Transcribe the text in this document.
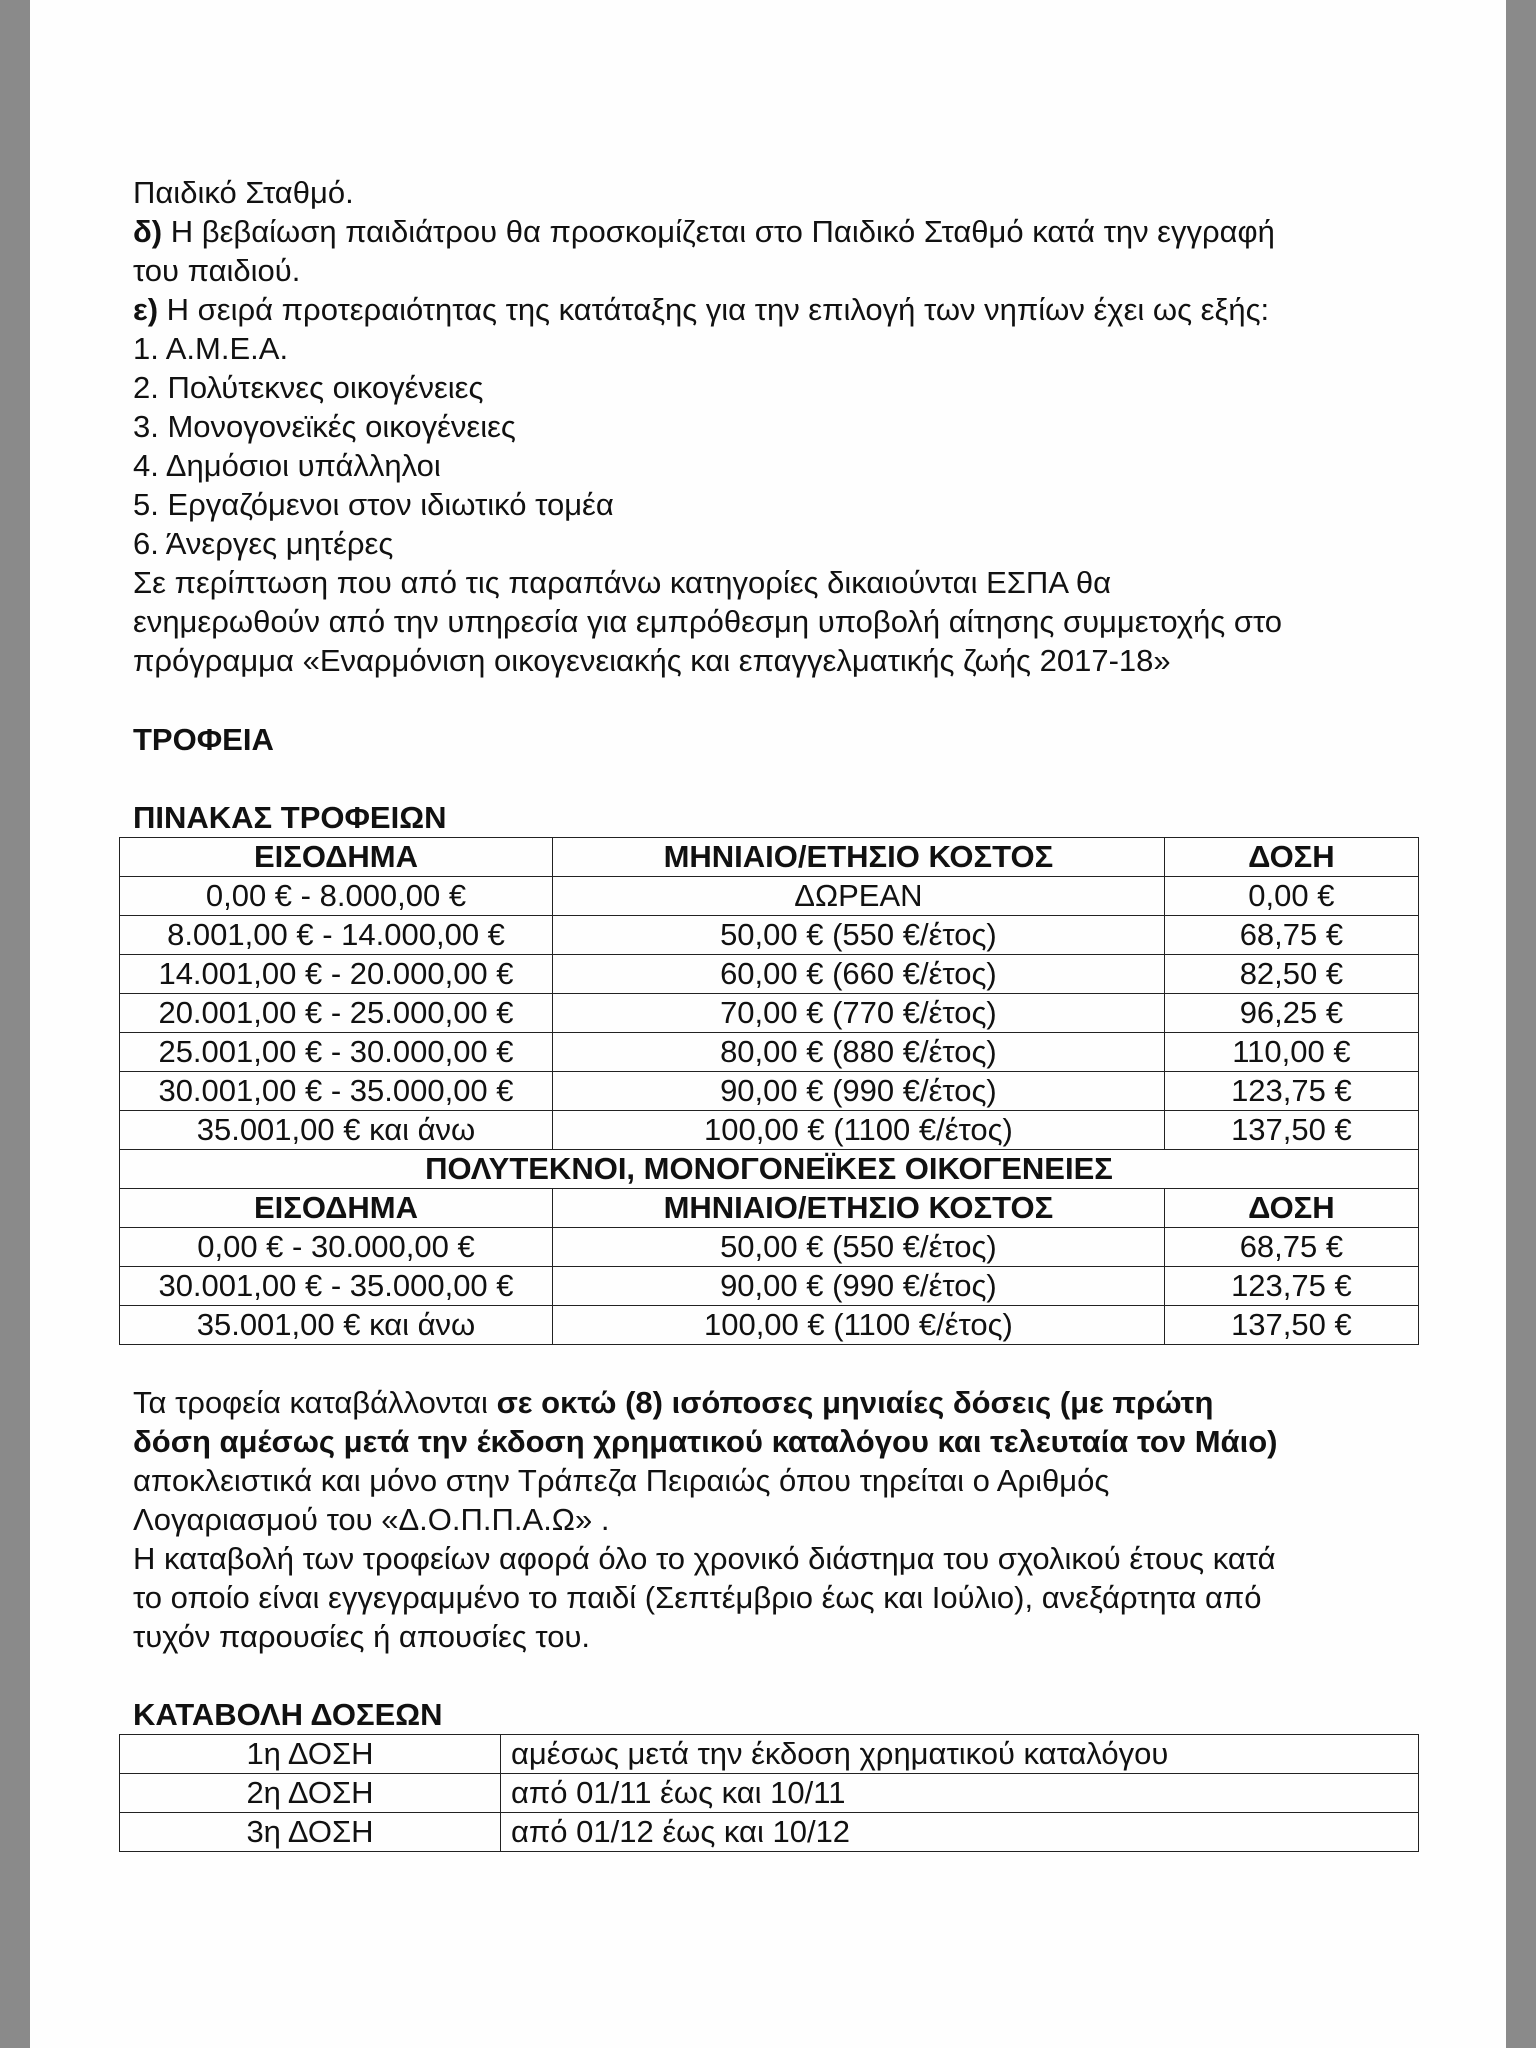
Παιδικό Σταθμό.

δ) Η βεβαίωση παιδιάτρου θα προσκομίζεται στο Παιδικό Σταθμό κατά την εγγραφή

του παιδιού.

ε) Η σειρά προτεραιότητας της κατάταξης για την επιλογή των νηπίων έχει ως εξής:

1. Α.Μ.Ε.Α.

2. Πολύτεκνες οικογένειες

3. Μονογονεϊκές οικογένειες

4. Δημόσιοι υπάλληλοι

5. Εργαζόμενοι στον ιδιωτικό τομέα

6. Άνεργες μητέρες

Σε περίπτωση που από τις παραπάνω κατηγορίες δικαιούνται ΕΣΠΑ θα

ενημερωθούν από την υπηρεσία για εμπρόθεσμη υποβολή αίτησης συμμετοχής στο

πρόγραμμα «Εναρμόνιση οικογενειακής και επαγγελματικής ζωής 2017-18»

ΤΡΟΦΕΙΑ

ΠΙΝΑΚΑΣ ΤΡΟΦΕΙΩΝ

ΕΙΣΟΔΗΜΑ	ΜΗΝΙΑΙΟ/ΕΤΗΣΙΟ ΚΟΣΤΟΣ	ΔΟΣΗ
0,00 € - 8.000,00 €	ΔΩΡΕΑΝ	0,00 €
8.001,00 € - 14.000,00 €	50,00 € (550 €/έτος)	68,75 €
14.001,00 € - 20.000,00 €	60,00 € (660 €/έτος)	82,50 €
20.001,00 € - 25.000,00 €	70,00 € (770 €/έτος)	96,25 €
25.001,00 € - 30.000,00 €	80,00 € (880 €/έτος)	110,00 €
30.001,00 € - 35.000,00 €	90,00 € (990 €/έτος)	123,75 €
35.001,00 € και άνω	100,00 € (1100 €/έτος)	137,50 €
ΠΟΛΥΤΕΚΝΟΙ, ΜΟΝΟΓΟΝΕΪΚΕΣ ΟΙΚΟΓΕΝΕΙΕΣ		
ΕΙΣΟΔΗΜΑ	ΜΗΝΙΑΙΟ/ΕΤΗΣΙΟ ΚΟΣΤΟΣ	ΔΟΣΗ
0,00 € - 30.000,00 €	50,00 € (550 €/έτος)	68,75 €
30.001,00 € - 35.000,00 €	90,00 € (990 €/έτος)	123,75 €
35.001,00 € και άνω	100,00 € (1100 €/έτος)	137,50 €

Τα τροφεία καταβάλλονται σε οκτώ (8) ισόποσες μηνιαίες δόσεις (με πρώτη

δόση αμέσως μετά την έκδοση χρηματικού καταλόγου και τελευταία τον Μάιο)

αποκλειστικά και μόνο στην Τράπεζα Πειραιώς όπου τηρείται ο Αριθμός

Λογαριασμού του «Δ.Ο.Π.Π.Α.Ω» .

Η καταβολή των τροφείων αφορά όλο το χρονικό διάστημα του σχολικού έτους κατά

το οποίο είναι εγγεγραμμένο το παιδί (Σεπτέμβριο έως και Ιούλιο), ανεξάρτητα από

τυχόν παρουσίες ή απουσίες του.

ΚΑΤΑΒΟΛΗ ΔΟΣΕΩΝ

1η ΔΟΣΗ	αμέσως μετά την έκδοση χρηματικού καταλόγου
2η ΔΟΣΗ	από 01/11 έως και 10/11
3η ΔΟΣΗ	από 01/12 έως και 10/12
